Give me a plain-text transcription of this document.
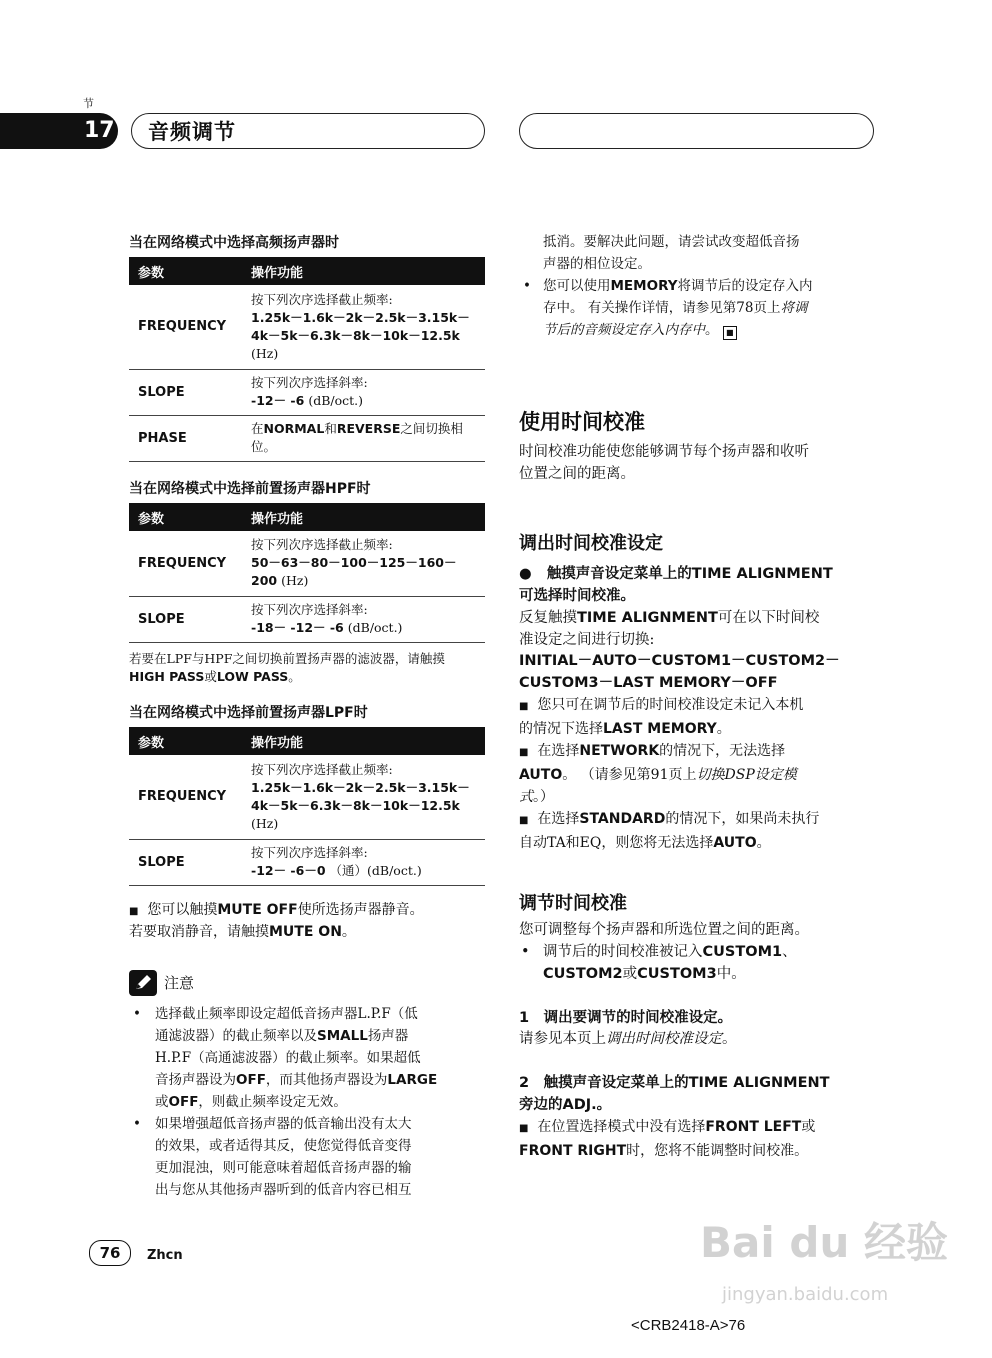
节
17 音频调节
当在网络模式中选择高频扬声器时
参数	操作功能
FREQUENCY	按下列次序选择截止频率:
1.25k－1.6k－2k－2.5k－3.15k－
4k－5k－6.3k－8k－10k－12.5k
(Hz)

SLOPE	按下列次序选择斜率:
-12－ -6 (dB/oct.)

PHASE	在NORMAL和REVERSE之间切换相
位。
当在网络模式中选择前置扬声器HPF时
参数	操作功能
FREQUENCY	按下列次序选择截止频率:
50－63－80－100－125－160－
200 (Hz)

SLOPE	按下列次序选择斜率:
-18－ -12－ -6 (dB/oct.)
若要在LPF与HPF之间切换前置扬声器的滤波器，请触摸
HIGH PASS或LOW PASS。
当在网络模式中选择前置扬声器LPF时
参数	操作功能
FREQUENCY	按下列次序选择截止频率:
1.25k－1.6k－2k－2.5k－3.15k－
4k－5k－6.3k－8k－10k－12.5k
(Hz)

SLOPE	按下列次序选择斜率:
-12－ -6－0 （通）(dB/oct.)
■ 您可以触摸MUTE OFF使所选扬声器静音。
若要取消静音，请触摸MUTE ON。
注意
• 选择截止频率即设定超低音扬声器L.P.F（低
通滤波器）的截止频率以及SMALL扬声器
H.P.F（高通滤波器）的截止频率。如果超低
音扬声器设为OFF，而其他扬声器设为LARGE
或OFF，则截止频率设定无效。
• 如果增强超低音扬声器的低音输出没有太大
的效果，或者适得其反，使您觉得低音变得
更加混浊，则可能意味着超低音扬声器的输
出与您从其他扬声器听到的低音内容已相互
抵消。要解决此问题，请尝试改变超低音扬
声器的相位设定。
• 您可以使用MEMORY将调节后的设定存入内
存中。 有关操作详情，请参见第78页上将调
节后的音频设定存入内存中。 ■
使用时间校准
时间校准功能使您能够调节每个扬声器和收听
位置之间的距离。
调出时间校准设定
● 触摸声音设定菜单上的TIME ALIGNMENT
可选择时间校准。
反复触摸TIME ALIGNMENT可在以下时间校
准设定之间进行切换:
INITIAL－AUTO－CUSTOM1－CUSTOM2－
CUSTOM3－LAST MEMORY－OFF
■ 您只可在调节后的时间校准设定未记入本机
的情况下选择LAST MEMORY。
■ 在选择NETWORK的情况下，无法选择
AUTO。 （请参见第91页上切换DSP设定模
式。）
■ 在选择STANDARD的情况下，如果尚未执行
自动TA和EQ，则您将无法选择AUTO。
调节时间校准
您可调整每个扬声器和所选位置之间的距离。
• 调节后的时间校准被记入CUSTOM1、
CUSTOM2或CUSTOM3中。
1　调出要调节的时间校准设定。
请参见本页上调出时间校准设定。
2　触摸声音设定菜单上的TIME ALIGNMENT
旁边的ADJ.。
■ 在位置选择模式中没有选择FRONT LEFT或
FRONT RIGHT时，您将不能调整时间校准。
76	Zhcn
<CRB2418-A>76
Bai du 经验
jingyan.baidu.com
